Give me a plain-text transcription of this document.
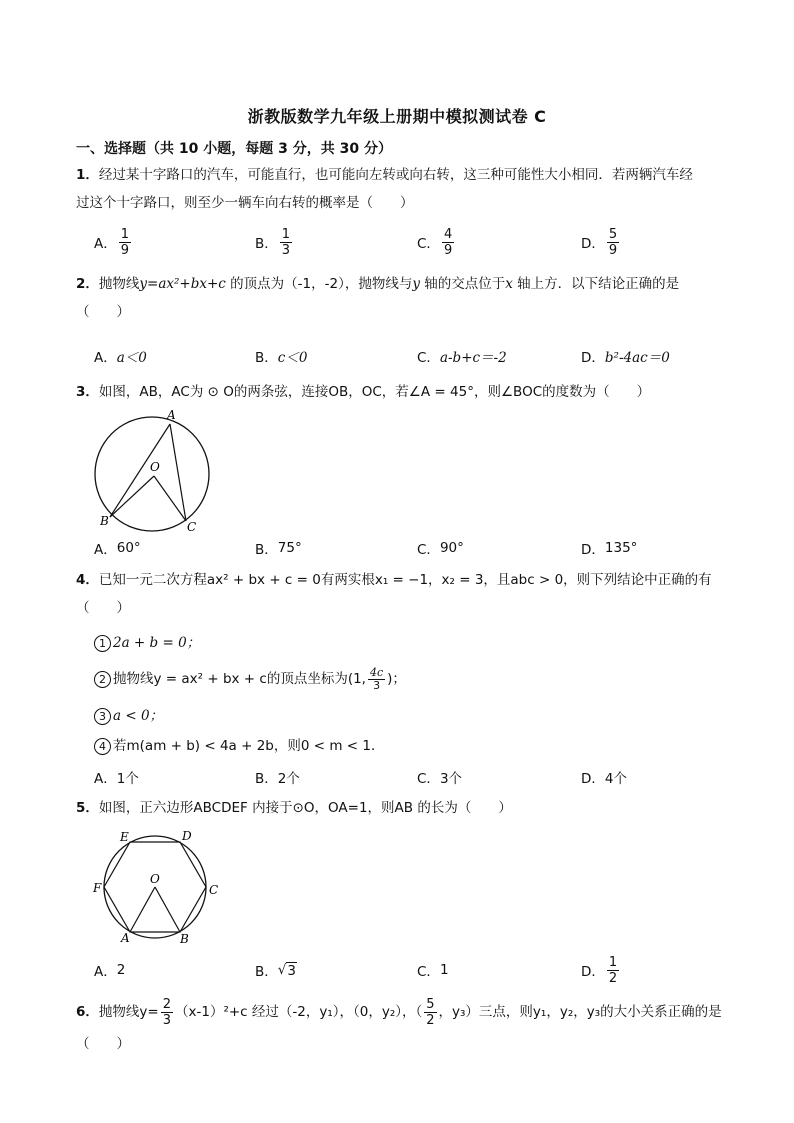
浙教版数学九年级上册期中模拟测试卷 C
一、选择题（共 10 小题，每题 3 分，共 30 分）
1．经过某十字路口的汽车，可能直行，也可能向左转或向右转，这三种可能性大小相同．若两辆汽车经
过这个十字路口，则至少一辆车向右转的概率是（　　）
A． $\frac{1}{9}$	B． $\frac{1}{3}$	C． $\frac{4}{9}$	D． $\frac{5}{9}$
2．抛物线y=ax²+bx+c 的顶点为（-1，-2），抛物线与y 轴的交点位于x 轴上方．以下结论正确的是
（　　）
A． a＜0	B． c＜0	C． a-b+c＝-2	D． b²-4ac＝0
3．如图，AB，AC为 ⊙ O的两条弦，连接OB，OC，若∠A = 45°，则∠BOC的度数为（　　）
A
O
B	C
A． 60°	B． 75°	C． 90°	D． 135°
4．已知一元二次方程ax² + bx + c = 0有两实根x₁ = −1，x₂ = 3，且abc > 0，则下列结论中正确的有
（　　）
1 2a + b = 0；
2 抛物线y = ax² + bx + c的顶点坐标为(1, $\frac{4c}{3}$ )；
3 a < 0；
4 若m(am + b) < 4a + 2b，则0 < m < 1．
A． 1个	B． 2个	C． 3个	D． 4个
5．如图，正六边形ABCDEF 内接于⊙O，OA=1，则AB 的长为（　　）
E	D
F	C
O
A	B
A． 2	B． √ 3	C． 1	D． $\frac{1}{2}$
6． 抛物线$y= \frac{2}{3} (x-1)^2+c$ 经过（-2，y₁），（0，y₂），（ $\frac{5}{2}$ ，y₃）三点，则y₁，y₂，y₃的大小关系正确的是
（　　）
